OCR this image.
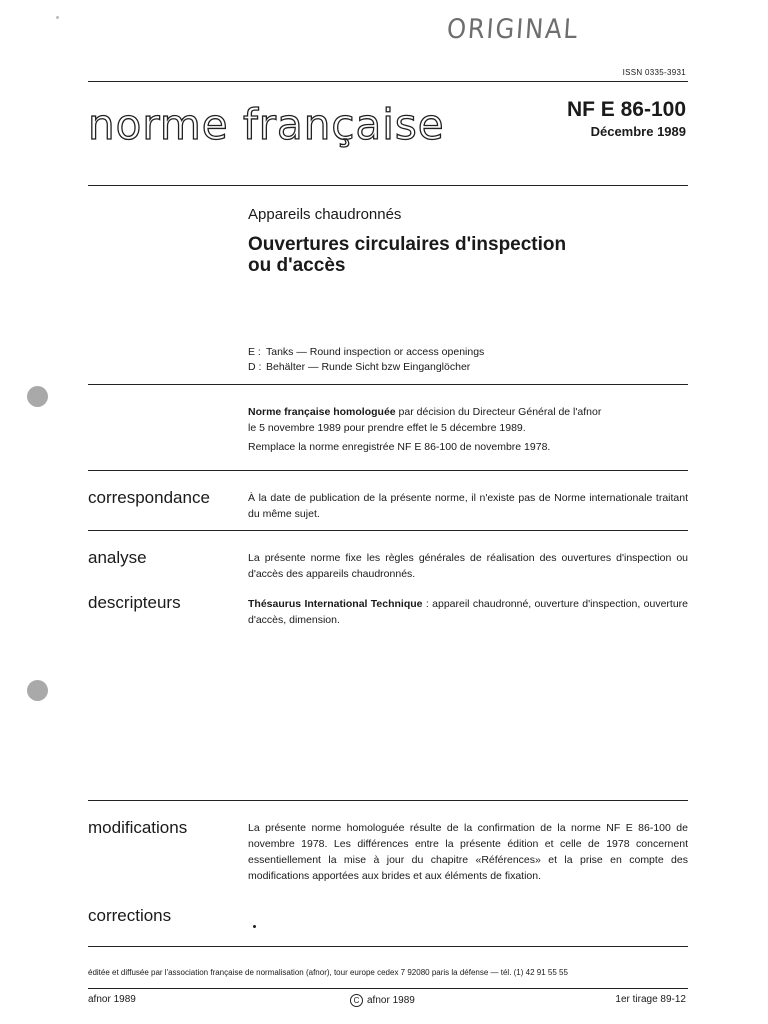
ORIGINAL
ISSN 0335-3931
norme française	NF E 86-100
Décembre 1989
Appareils chaudronnés
Ouvertures circulaires d'inspection
ou d'accès
E : Tanks — Round inspection or access openings
D : Behälter — Runde Sicht bzw Einganglöcher
Norme française homologuée par décision du Directeur Général de l'afnor
le 5 novembre 1989 pour prendre effet le 5 décembre 1989.
Remplace la norme enregistrée NF E 86-100 de novembre 1978.
correspondance	À la date de publication de la présente norme, il n'existe pas de Norme internationale traitant du même sujet.
analyse	La présente norme fixe les règles générales de réalisation des ouvertures d'inspection ou d'accès des appareils chaudronnés.
descripteurs	Thésaurus International Technique : appareil chaudronné, ouverture d'inspection, ouverture d'accès, dimension.
modifications	La présente norme homologuée résulte de la confirmation de la norme NF E 86-100 de novembre 1978. Les différences entre la présente édition et celle de 1978 concernent essentiellement la mise à jour du chapitre «Références» et la prise en compte des modifications apportées aux brides et aux éléments de fixation.
corrections
éditée et diffusée par l'association française de normalisation (afnor), tour europe cedex 7 92080 paris la défense — tél. (1) 42 91 55 55
afnor 1989	C afnor 1989	1er tirage 89-12
